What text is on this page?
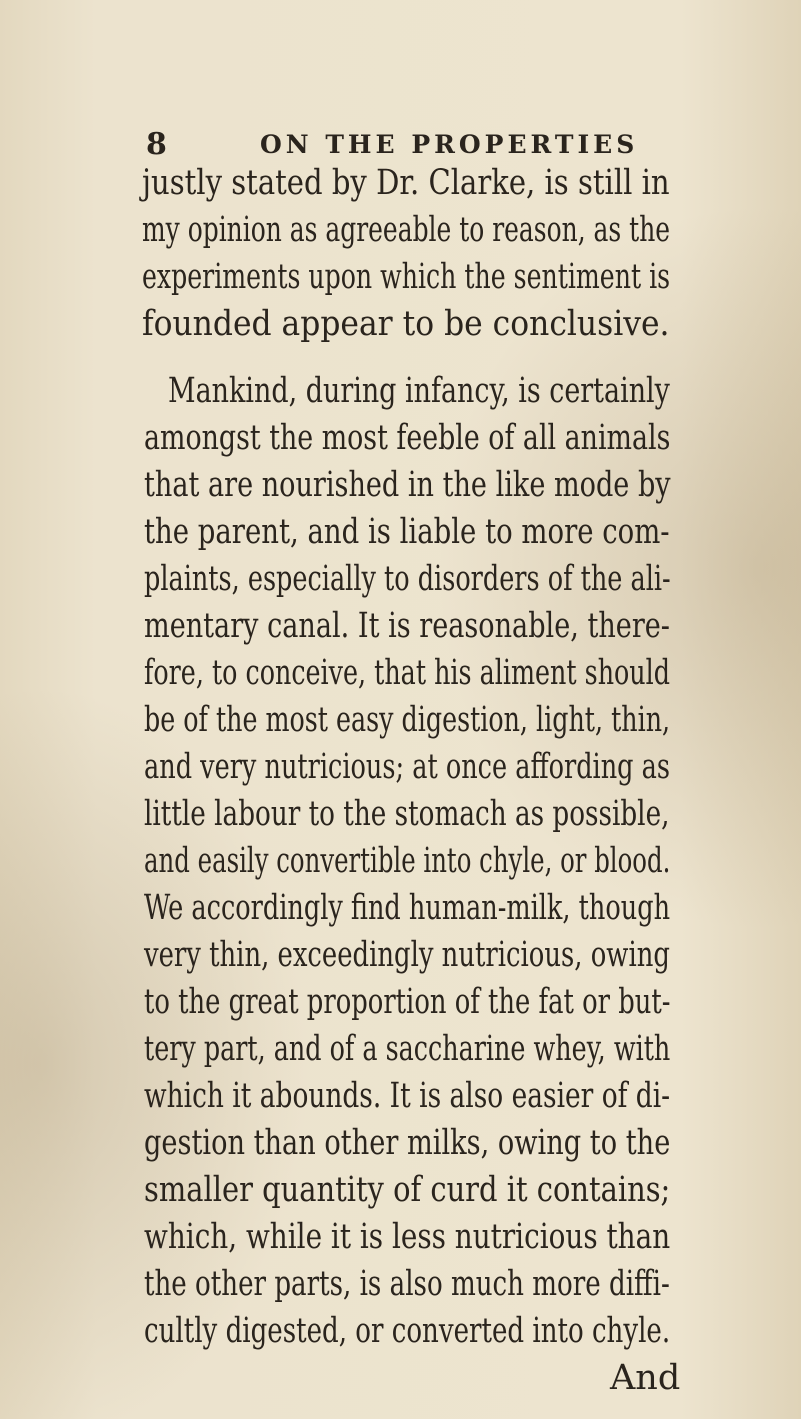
8	ON THE PROPERTIES
justly stated by Dr. Clarke, is still in
my opinion as agreeable to reason, as the
experiments upon which the sentiment is
founded appear to be conclusive.
Mankind, during infancy, is certainly
amongst the most feeble of all animals
that are nourished in the like mode by
the parent, and is liable to more com-
plaints, especially to disorders of the ali-
mentary canal. It is reasonable, there-
fore, to conceive, that his aliment should
be of the most easy digestion, light, thin,
and very nutricious; at once affording as
little labour to the stomach as possible,
and easily convertible into chyle, or blood.
We accordingly find human-milk, though
very thin, exceedingly nutricious, owing
to the great proportion of the fat or but-
tery part, and of a saccharine whey, with
which it abounds. It is also easier of di-
gestion than other milks, owing to the
smaller quantity of curd it contains;
which, while it is less nutricious than
the other parts, is also much more diffi-
cultly digested, or converted into chyle.
And
